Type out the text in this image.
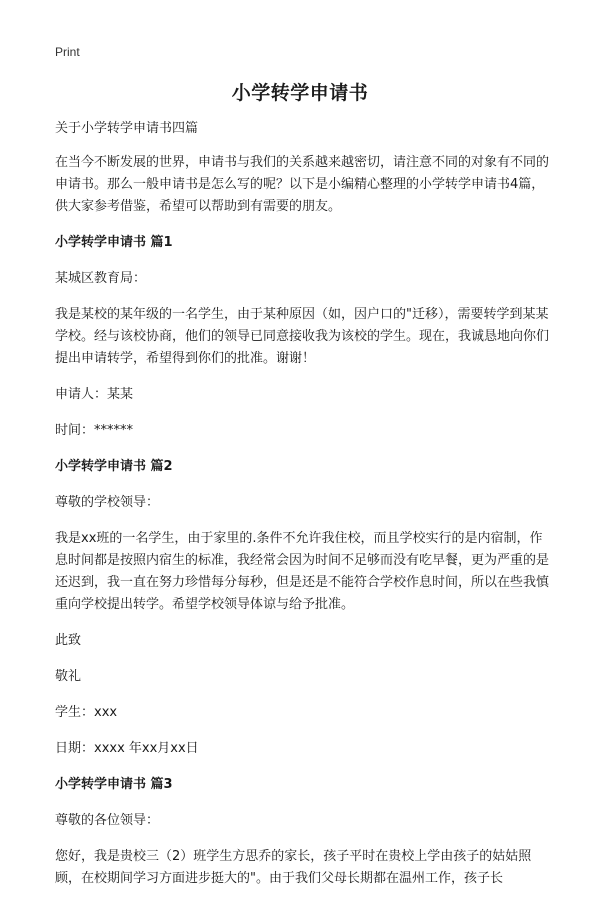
Print
小学转学申请书

关于小学转学申请书四篇

在当今不断发展的世界，申请书与我们的关系越来越密切，请注意不同的对象有不同的申请书。那么一般申请书是怎么写的呢？以下是小编精心整理的小学转学申请书4篇，供大家参考借鉴，希望可以帮助到有需要的朋友。

小学转学申请书 篇1

某城区教育局：

我是某校的某年级的一名学生，由于某种原因（如，因户口的"迁移），需要转学到某某学校。经与该校协商，他们的领导已同意接收我为该校的学生。现在，我诚恳地向你们提出申请转学，希望得到你们的批准。谢谢！

申请人：某某

时间：******

小学转学申请书 篇2

尊敬的学校领导：

我是xx班的一名学生，由于家里的.条件不允许我住校，而且学校实行的是内宿制，作息时间都是按照内宿生的标准，我经常会因为时间不足够而没有吃早餐，更为严重的是还迟到，我一直在努力珍惜每分每秒，但是还是不能符合学校作息时间，所以在些我慎重向学校提出转学。希望学校领导体谅与给予批准。

此致

敬礼

学生：xxx

日期：xxxx 年xx月xx日

小学转学申请书 篇3

尊敬的各位领导：

您好，我是贵校三（2）班学生方思乔的家长，孩子平时在贵校上学由孩子的姑姑照顾，在校期间学习方面进步挺大的"。由于我们父母长期都在温州工作，孩子长
